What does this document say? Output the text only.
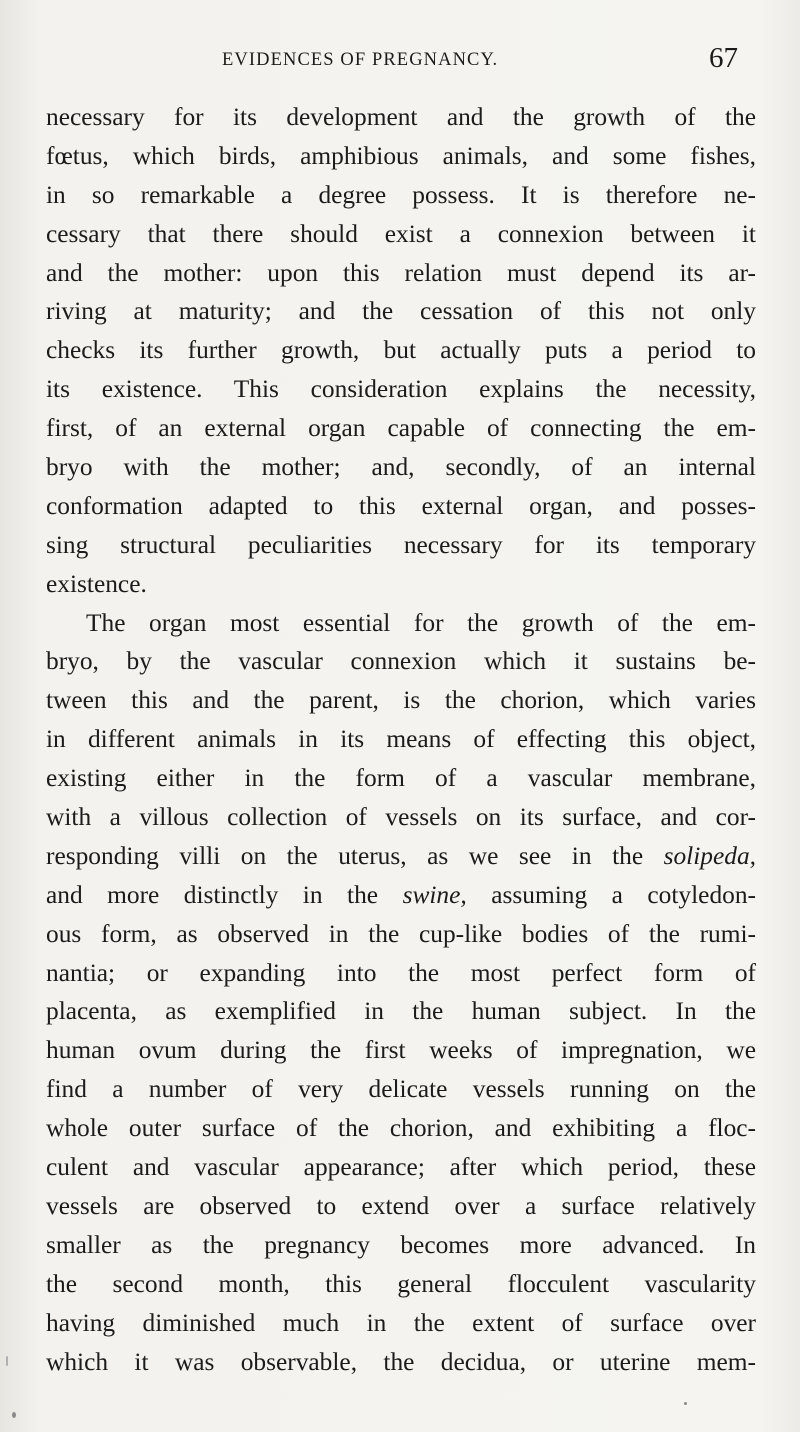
EVIDENCES OF PREGNANCY.	67
necessary for its development and the growth of the
fœtus, which birds, amphibious animals, and some fishes,
in so remarkable a degree possess. It is therefore ne-
cessary that there should exist a connexion between it
and the mother: upon this relation must depend its ar-
riving at maturity; and the cessation of this not only
checks its further growth, but actually puts a period to
its existence. This consideration explains the necessity,
first, of an external organ capable of connecting the em-
bryo with the mother; and, secondly, of an internal
conformation adapted to this external organ, and posses-
sing structural peculiarities necessary for its temporary
existence.
The organ most essential for the growth of the em-
bryo, by the vascular connexion which it sustains be-
tween this and the parent, is the chorion, which varies
in different animals in its means of effecting this object,
existing either in the form of a vascular membrane,
with a villous collection of vessels on its surface, and cor-
responding villi on the uterus, as we see in the solipeda,
and more distinctly in the swine, assuming a cotyledon-
ous form, as observed in the cup-like bodies of the rumi-
nantia; or expanding into the most perfect form of
placenta, as exemplified in the human subject. In the
human ovum during the first weeks of impregnation, we
find a number of very delicate vessels running on the
whole outer surface of the chorion, and exhibiting a floc-
culent and vascular appearance; after which period, these
vessels are observed to extend over a surface relatively
smaller as the pregnancy becomes more advanced. In
the second month, this general flocculent vascularity
having diminished much in the extent of surface over
which it was observable, the decidua, or uterine mem-
